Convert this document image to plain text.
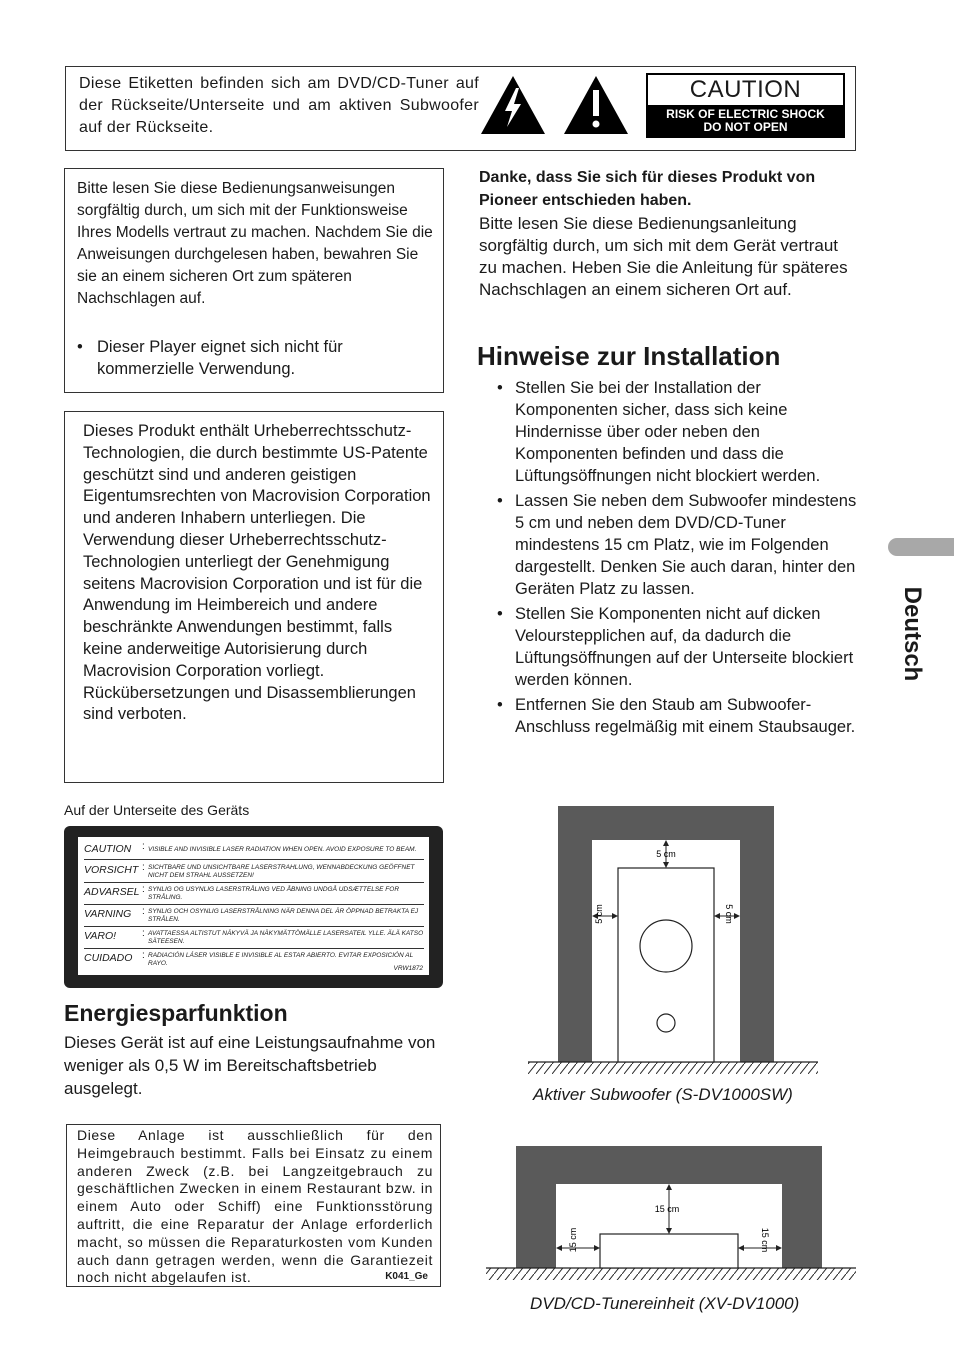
Diese Etiketten befinden sich am DVD/CD-Tuner auf der Rückseite/Unterseite und am aktiven Subwoofer auf der Rückseite.
CAUTION
RISK OF ELECTRIC SHOCK
DO NOT OPEN
Bitte lesen Sie diese Bedienungsanweisungen sorgfältig durch, um sich mit der Funktionsweise Ihres Modells vertraut zu machen. Nachdem Sie die Anweisungen durchgelesen haben, bewahren Sie sie an einem sicheren Ort zum späteren Nachschlagen auf.
• Dieser Player eignet sich nicht für kommerzielle Verwendung.
Dieses Produkt enthält Urheberrechtsschutz-Technologien, die durch bestimmte US-Patente geschützt sind und anderen geistigen Eigentumsrechten von Macrovision Corporation und anderen Inhabern unterliegen. Die Verwendung dieser Urheberrechtsschutz-Technologien unterliegt der Genehmigung seitens Macrovision Corporation und ist für die Anwendung im Heimbereich und andere beschränkte Anwendungen bestimmt, falls keine anderweitige Autorisierung durch Macrovision Corporation vorliegt. Rückübersetzungen und Disassemblierungen sind verboten.
Auf der Unterseite des Geräts
CAUTION	: VISIBLE AND INVISIBLE LASER RADIATION WHEN OPEN. AVOID EXPOSURE TO BEAM.
VORSICHT : SICHTBARE UND UNSICHTBARE LASERSTRAHLUNG, WENNABDECKUNG GEÖFFNET NICHT DEM STRAHL AUSSETZEN!
ADVARSEL : SYNLIG OG USYNLIG LASERSTRÅLING VED ÅBNING UNDGÅ UDSÆTTELSE FOR STRÅLING.
VARNING	: SYNLIG OCH OSYNLIG LASERSTRÅLNING NÄR DENNA DEL ÄR ÖPPNAD BETRAKTA EJ STRÅLEN.
VARO!	: AVATTAESSA ALTISTUT NÄKYVÄ JA NÄKYMÄTTÖMÄLLE LASERSATEIL YLLE. ÄLÄ KATSO SÄTEESEN.
CUIDADO : RADIACIÓN LÁSER VISIBLE E INVISIBLE AL ESTAR ABIERTO. EVITAR EXPOSICIÓN AL RAYO.
VRW1872
Energiesparfunktion
Dieses Gerät ist auf eine Leistungsaufnahme von weniger als 0,5 W im Bereitschaftsbetrieb ausgelegt.
Diese Anlage ist ausschließlich für den Heimgebrauch bestimmt. Falls bei Einsatz zu einem anderen Zweck (z.B. bei Langzeitgebrauch zu geschäftlichen Zwecken in einem Restaurant bzw. in einem Auto oder Schiff) eine Funktionsstörung auftritt, die eine Reparatur der Anlage erforderlich macht, so müssen die Reparaturkosten vom Kunden auch dann getragen werden, wenn die Garantiezeit noch nicht abgelaufen ist.	K041_Ge
Danke, dass Sie sich für dieses Produkt von Pioneer entschieden haben.
Bitte lesen Sie diese Bedienungsanleitung sorgfältig durch, um sich mit dem Gerät vertraut zu machen. Heben Sie die Anleitung für späteres Nachschlagen an einem sicheren Ort auf.
Hinweise zur Installation
• Stellen Sie bei der Installation der Komponenten sicher, dass sich keine Hindernisse über oder neben den Komponenten befinden und dass die Lüftungsöffnungen nicht blockiert werden.
• Lassen Sie neben dem Subwoofer mindestens 5 cm und neben dem DVD/CD-Tuner mindestens 15 cm Platz, wie im Folgenden dargestellt. Denken Sie auch daran, hinter den Geräten Platz zu lassen.
• Stellen Sie Komponenten nicht auf dicken Velourstepplichen auf, da dadurch die Lüftungsöffnungen auf der Unterseite blockiert werden können.
• Entfernen Sie den Staub am Subwoofer-Anschluss regelmäßig mit einem Staubsauger.
Deutsch
5 cm
5 cm	5 cm
Aktiver Subwoofer (S-DV1000SW)
15 cm
15 cm	15 cm
DVD/CD-Tunereinheit (XV-DV1000)
